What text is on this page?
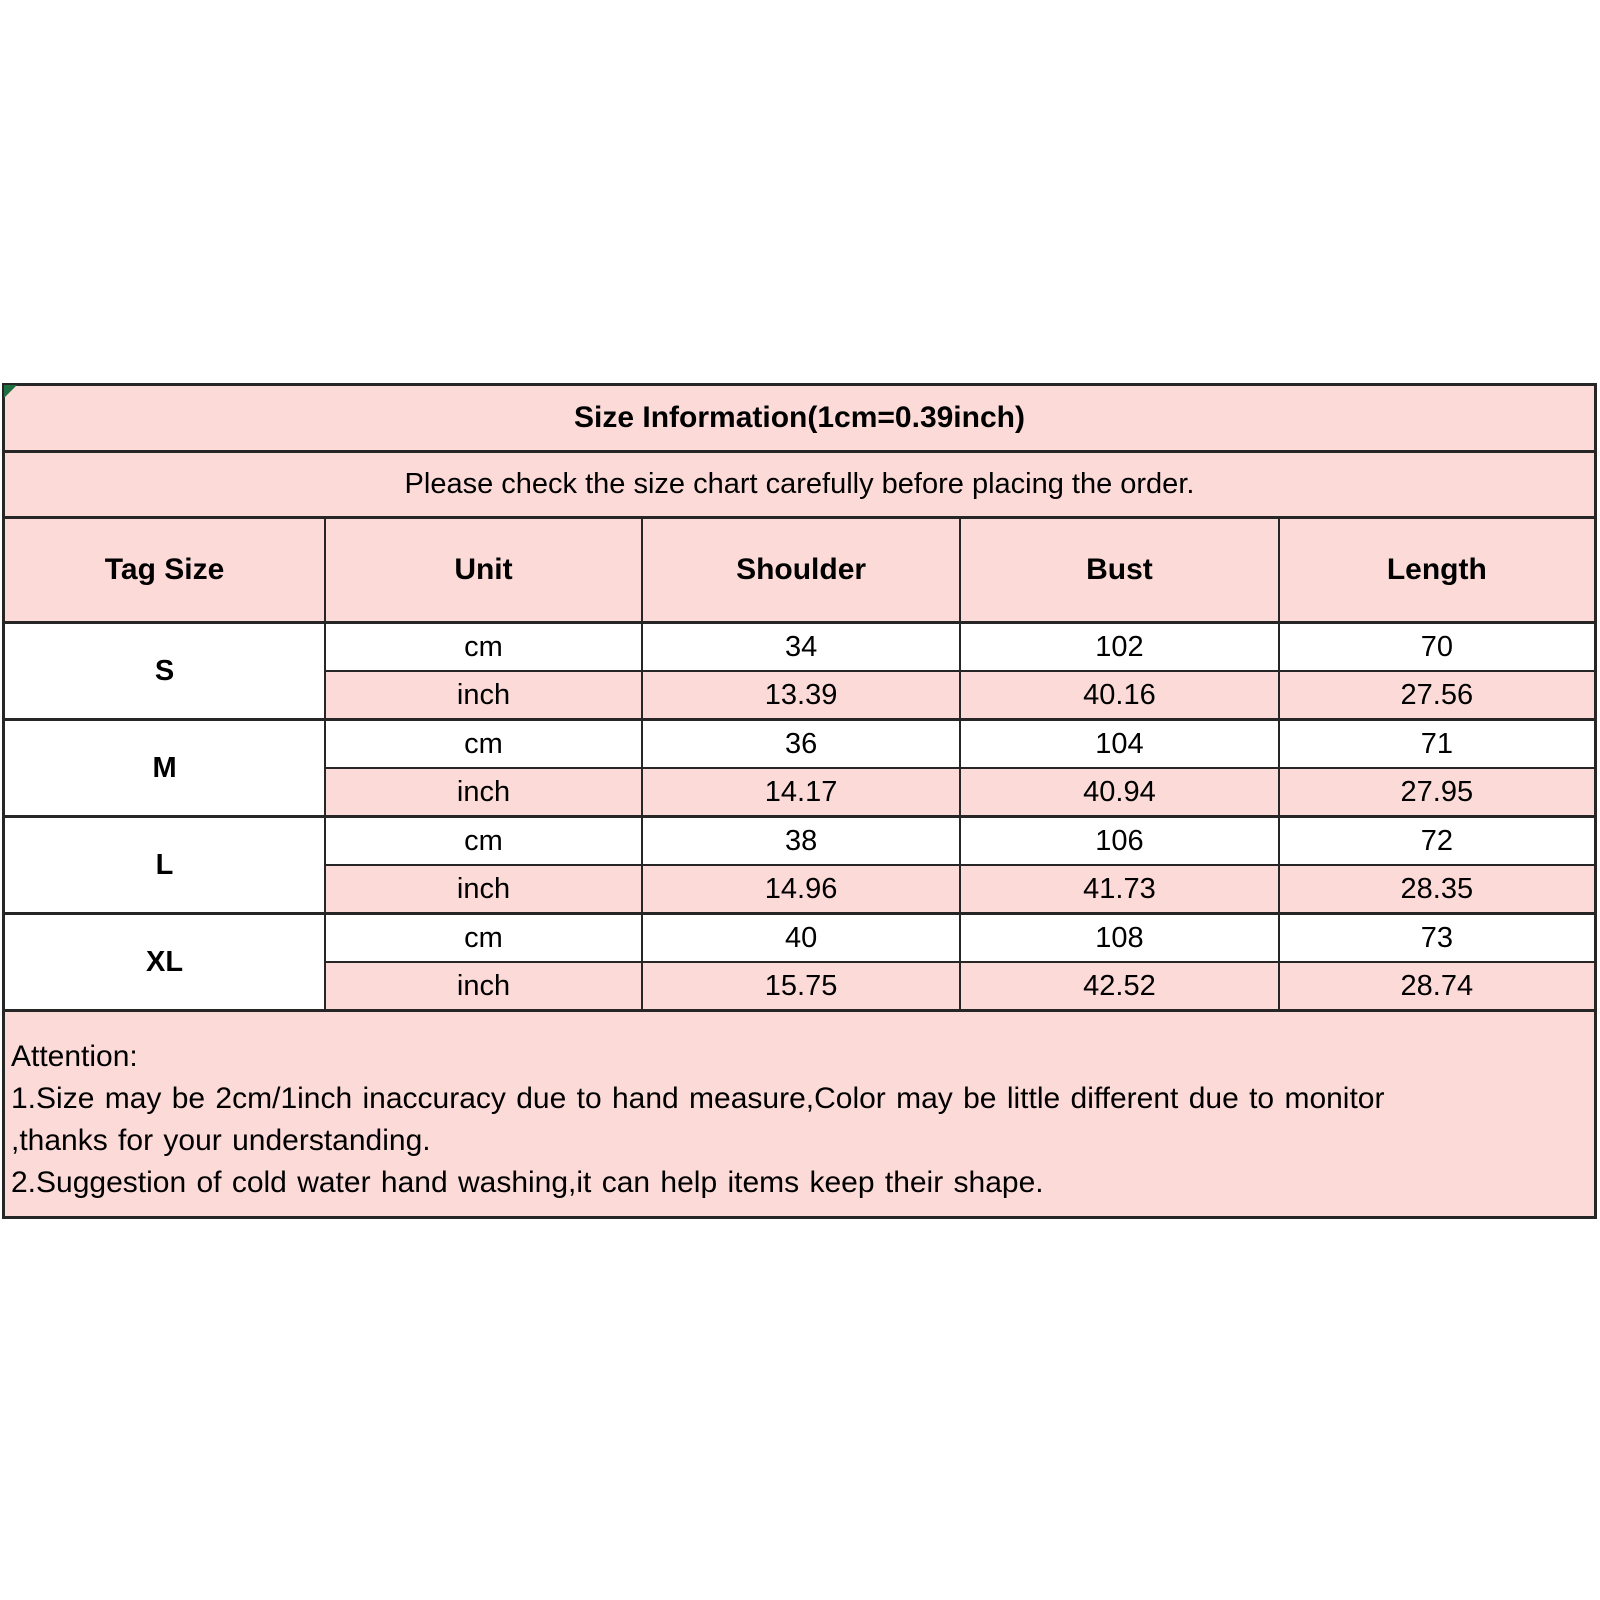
Size Information(1cm=0.39inch)				
Please check the size chart carefully before placing the order.				
Tag Size	Unit	Shoulder	Bust	Length
S	cm	34	102	70
	inch	13.39	40.16	27.56
M	cm	36	104	71
	inch	14.17	40.94	27.95
L	cm	38	106	72
	inch	14.96	41.73	28.35
XL	cm	40	108	73
	inch	15.75	42.52	28.74

Attention:
1.Size may be 2cm/1inch inaccuracy due to hand measure,Color may be little different due to monitor
,thanks for your understanding.
2.Suggestion of cold water hand washing,it can help items keep their shape.				
